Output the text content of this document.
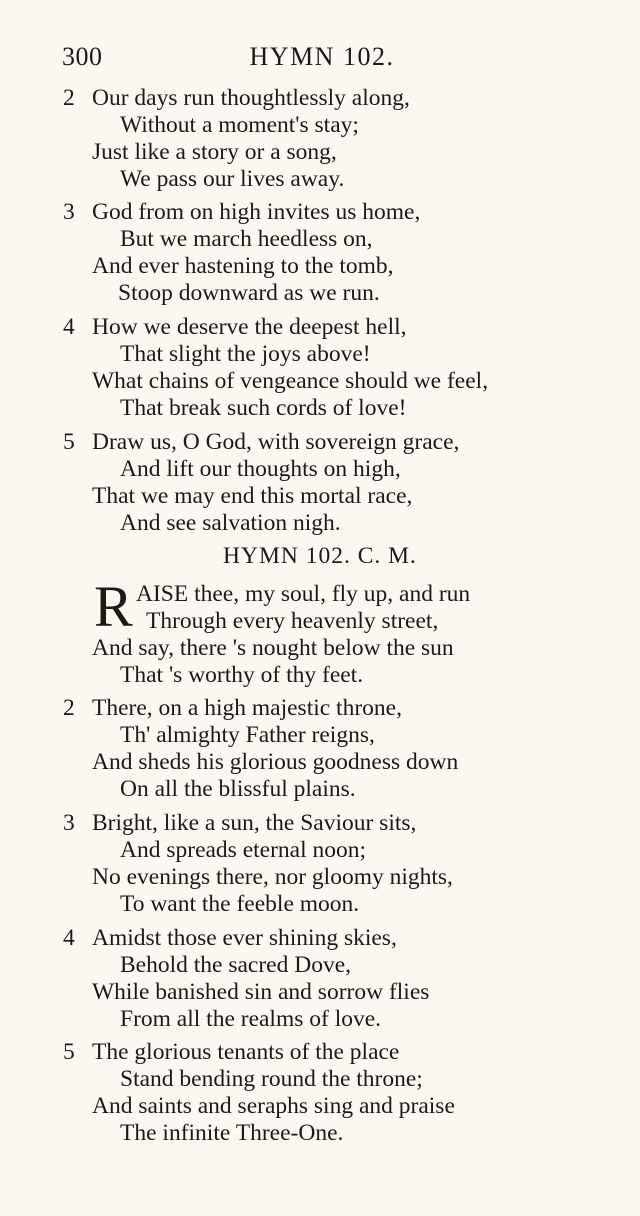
300	HYMN 102.
2 Our days run thoughtlessly along,
Without a moment's stay;
Just like a story or a song,
We pass our lives away.
3 God from on high invites us home,
But we march heedless on,
And ever hastening to the tomb,
Stoop downward as we run.
4 How we deserve the deepest hell,
That slight the joys above!
What chains of vengeance should we feel,
That break such cords of love!
5 Draw us, O God, with sovereign grace,
And lift our thoughts on high,
That we may end this mortal race,
And see salvation nigh.
HYMN 102. C. M.
R AISE thee, my soul, fly up, and run
Through every heavenly street,
And say, there 's nought below the sun
That 's worthy of thy feet.
2 There, on a high majestic throne,
Th' almighty Father reigns,
And sheds his glorious goodness down
On all the blissful plains.
3 Bright, like a sun, the Saviour sits,
And spreads eternal noon;
No evenings there, nor gloomy nights,
To want the feeble moon.
4 Amidst those ever shining skies,
Behold the sacred Dove,
While banished sin and sorrow flies
From all the realms of love.
5 The glorious tenants of the place
Stand bending round the throne;
And saints and seraphs sing and praise
The infinite Three-One.
